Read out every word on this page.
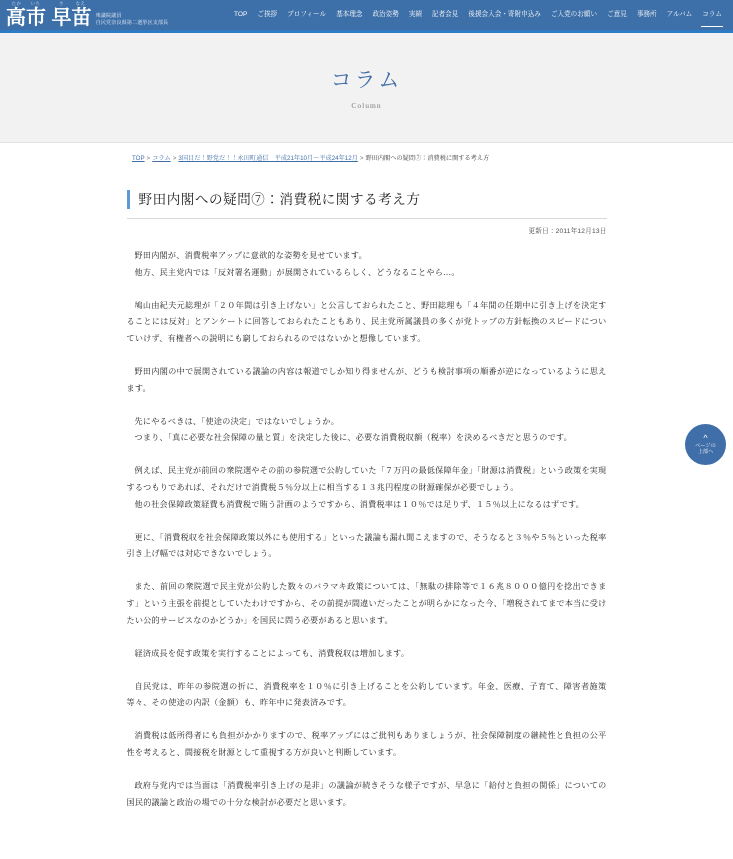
たか	いち	さ	なえ
高市 早苗 衆議院議員
自民党奈良県第二選挙区支部長
TOP	ご挨拶	プロフィール	基本理念	政治姿勢	実績	記者会見	後援会入会・寄附申込み	ご入党のお願い	ご意見	事務所	アルバム	コラム
コラム
Column
TOP > コラム > 3国目だ！野党だ！！永田町通信　平成21年10月～平成24年12月 > 野田内閣への疑問⑦：消費税に関する考え方
野田内閣への疑問⑦：消費税に関する考え方
更新日：2011年12月13日

野田内閣が、消費税率アップに意欲的な姿勢を見せています。
他方、民主党内では「反対署名運動」が展開されているらしく、どうなることやら…。

鳩山由紀夫元総理が「２０年間は引き上げない」と公言しておられたこと、野田総理も「４年間の任期中に引き上げを決定することには反対」とアンケートに回答しておられたこともあり、民主党所属議員の多くが党トップの方針転換のスピードについていけず、有権者への説明にも窮しておられるのではないかと想像しています。

野田内閣の中で展開されている議論の内容は報道でしか知り得ませんが、どうも検討事項の順番が逆になっているように思えます。

先にやるべきは、「使途の決定」ではないでしょうか。
つまり、「真に必要な社会保障の量と質」を決定した後に、必要な消費税収額（税率）を決めるべきだと思うのです。

例えば、民主党が前回の衆院選やその前の参院選で公約していた「７万円の最低保障年金」「財源は消費税」という政策を実現するつもりであれば、それだけで消費税５％分以上に相当する１３兆円程度の財源確保が必要でしょう。
他の社会保障政策経費も消費税で賄う計画のようですから、消費税率は１０％では足りず、１５％以上になるはずです。

更に、「消費税収を社会保障政策以外にも使用する」といった議論も漏れ聞こえますので、そうなると３％や５％といった税率引き上げ幅では対応できないでしょう。

また、前回の衆院選で民主党が公約した数々のバラマキ政策については、「無駄の排除等で１６兆８０００億円を捻出できます」という主張を前提としていたわけですから、その前提が間違いだったことが明らかになった今、「増税されてまで本当に受けたい公的サービスなのかどうか」を国民に問う必要があると思います。

経済成長を促す政策を実行することによっても、消費税収は増加します。

自民党は、昨年の参院選の折に、消費税率を１０％に引き上げることを公約しています。年金、医療、子育て、障害者施策等々、その使途の内訳（金額）も、昨年中に発表済みです。

消費税は低所得者にも負担がかかりますので、税率アップにはご批判もありましょうが、社会保障制度の継続性と負担の公平性を考えると、間接税を財源として重視する方が良いと判断しています。

政府与党内では当面は「消費税率引き上げの是非」の議論が続きそうな様子ですが、早急に「給付と負担の関係」についての国民的議論と政治の場での十分な検討が必要だと思います。

^
ページの
上部へ
